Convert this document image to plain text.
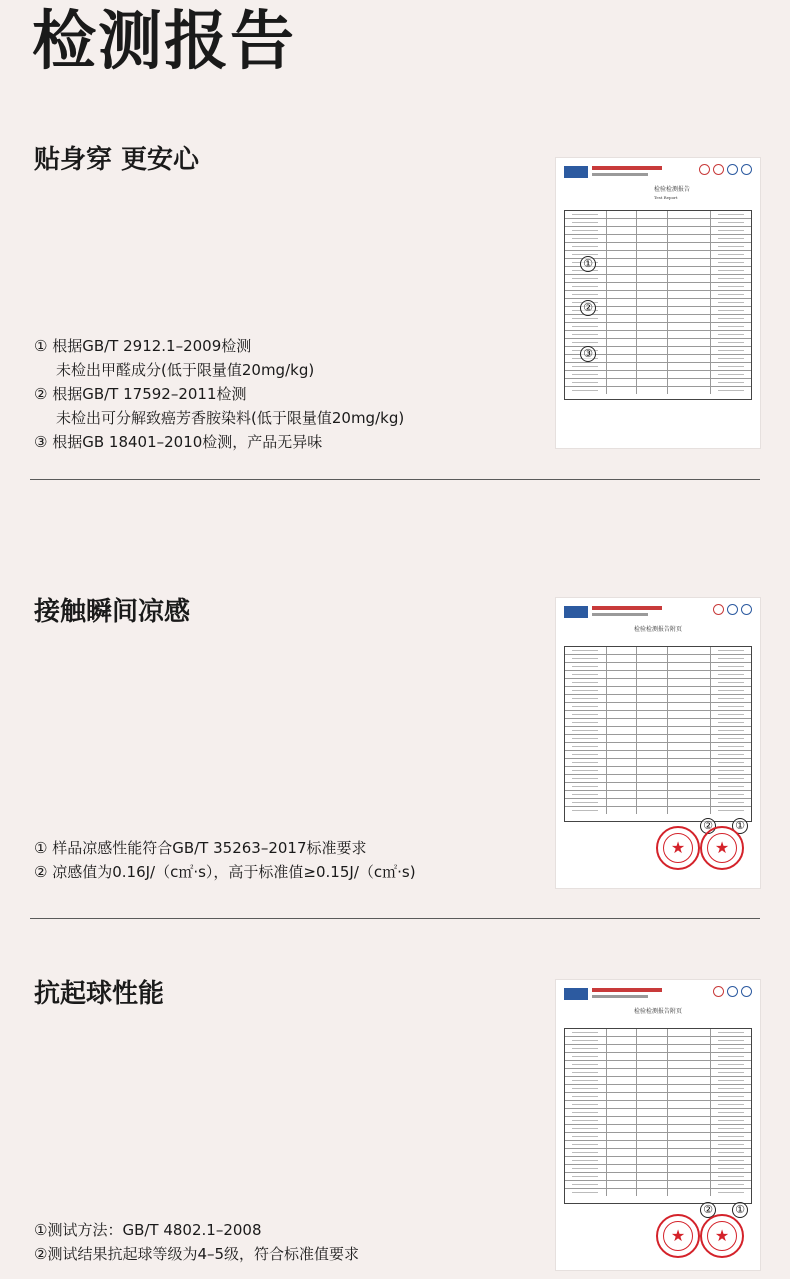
检测报告
贴身穿 更安心
① 根据GB/T 2912.1–2009检测
未检出甲醛成分(低于限量值20mg/kg)
② 根据GB/T 17592–2011检测
未检出可分解致癌芳香胺染料(低于限量值20mg/kg)
③ 根据GB 18401–2010检测，产品无异味
检验检测报告
Test Report
①
②
③
接触瞬间凉感
① 样品凉感性能符合GB/T 35263–2017标准要求
② 凉感值为0.16J/（c㎡·s），高于标准值≥0.15J/（c㎡·s)
检验检测报告附页
② ①
★
★
抗起球性能
①测试方法：GB/T 4802.1–2008
②测试结果抗起球等级为4–5级，符合标准值要求
检验检测报告附页
② ①
★
★
